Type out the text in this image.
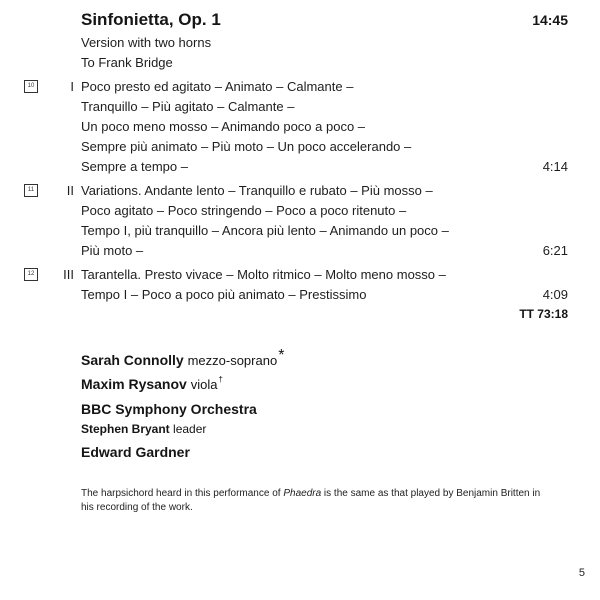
Sinfonietta, Op. 1	14:45
Version with two horns
To Frank Bridge
10	I Poco presto ed agitato – Animato – Calmante –
Tranquillo – Più agitato – Calmante –
Un poco meno mosso – Animando poco a poco –
Sempre più animato – Più moto – Un poco accelerando –
Sempre a tempo –	4:14
11	II Variations. Andante lento – Tranquillo e rubato – Più mosso –
Poco agitato – Poco stringendo – Poco a poco ritenuto –
Tempo I, più tranquillo – Ancora più lento – Animando un poco –
Più moto –	6:21
12	III Tarantella. Presto vivace – Molto ritmico – Molto meno mosso –
Tempo I – Poco a poco più animato – Prestissimo	4:09
TT 73:18
Sarah Connolly mezzo-soprano*
Maxim Rysanov viola†
BBC Symphony Orchestra
Stephen Bryant leader
Edward Gardner
The harpsichord heard in this performance of Phaedra is the same as that played by Benjamin Britten in his recording of the work.
5
